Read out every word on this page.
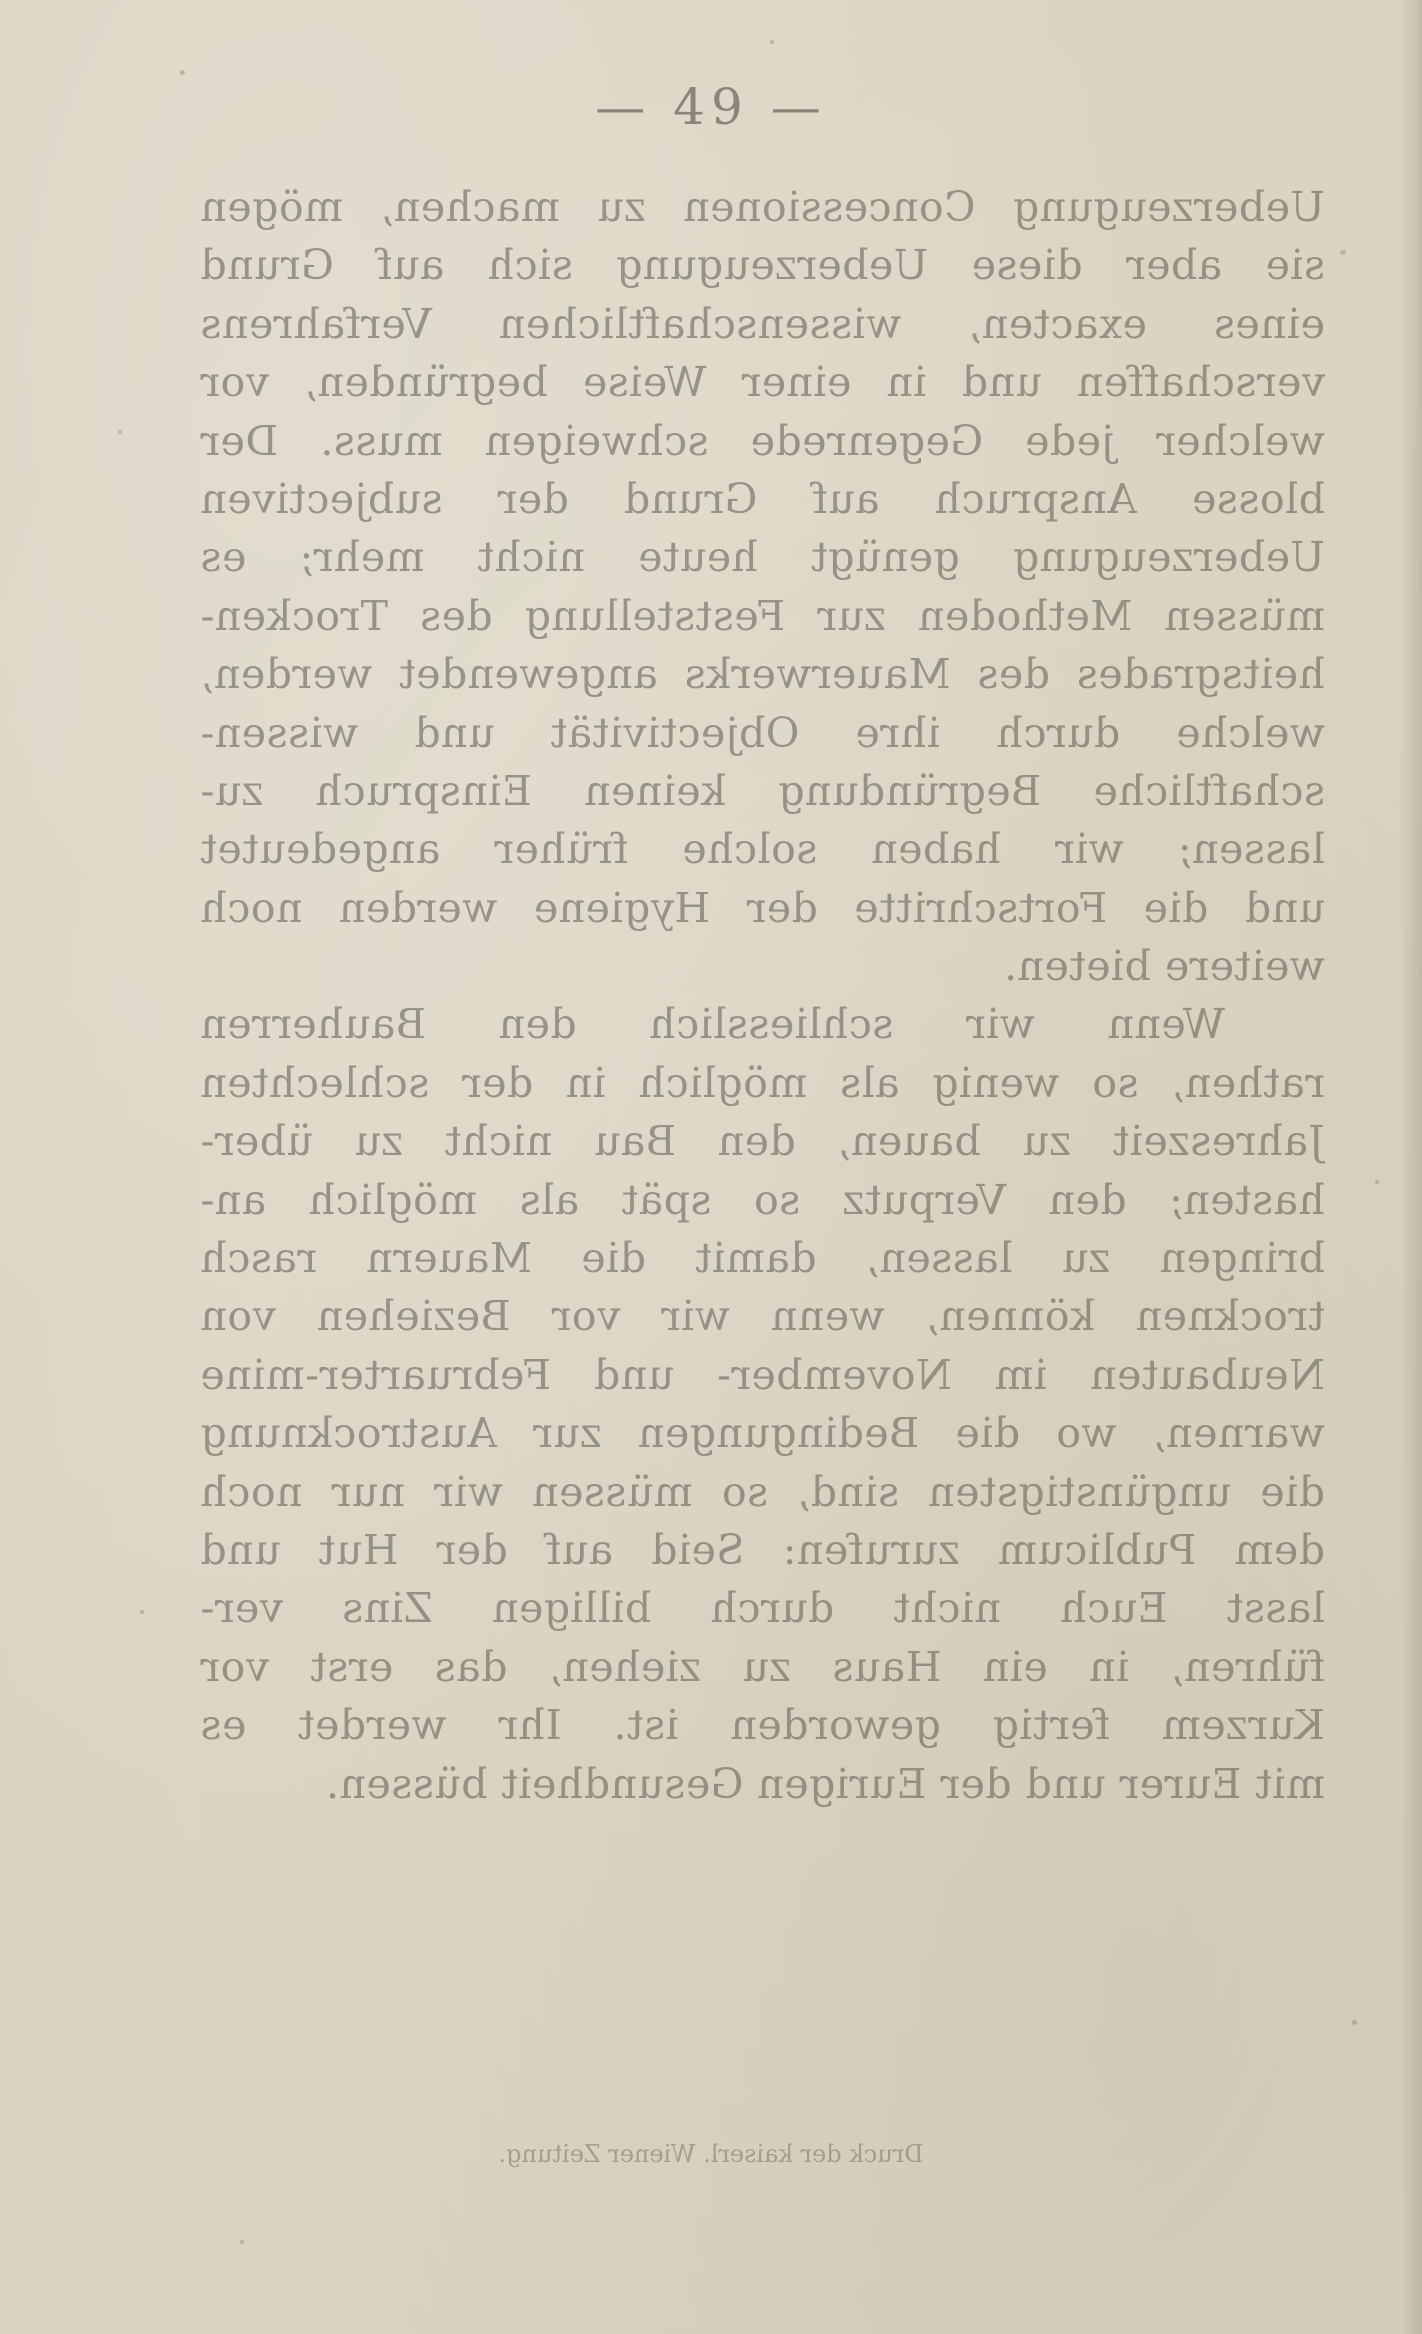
— 49 —
Ueberzeugung Concessionen zu machen, mögen
sie aber diese Ueberzeugung sich auf Grund
eines exacten, wissenschaftlichen Verfahrens
verschaffen und in einer Weise begründen, vor
welcher jede Gegenrede schweigen muss. Der
blosse Anspruch auf Grund der subjectiven
Ueberzeugung genügt heute nicht mehr; es
müssen Methoden zur Feststellung des Trocken-
heitsgrades des Mauerwerks angewendet werden,
welche durch ihre Objectivität und wissen-
schaftliche Begründung keinen Einspruch zu-
lassen; wir haben solche früher angedeutet
und die Fortschritte der Hygiene werden noch
weitere bieten.
Wenn wir schliesslich den Bauherren
rathen, so wenig als möglich in der schlechten
Jahreszeit zu bauen, den Bau nicht zu über-
hasten; den Verputz so spät als möglich an-
bringen zu lassen, damit die Mauern rasch
trocknen können, wenn wir vor Beziehen von
Neubauten im November- und Februarter-mine
warnen, wo die Bedingungen zur Austrocknung
die ungünstigsten sind, so müssen wir nur noch
dem Publicum zurufen: Seid auf der Hut und
lasst Euch nicht durch billigen Zins ver-
führen, in ein Haus zu ziehen, das erst vor
Kurzem fertig geworden ist. Ihr werdet es
mit Eurer und der Eurigen Gesundheit büssen.
Druck der kaiserl. Wiener Zeitung.
